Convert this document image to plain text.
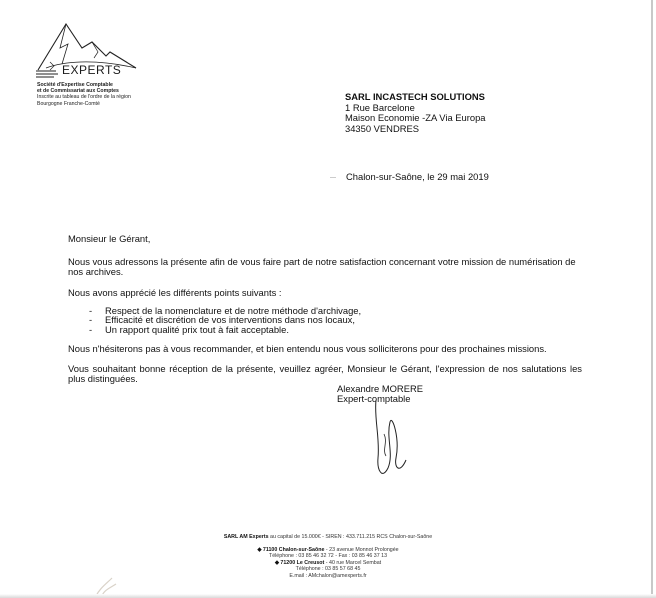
EXPERTS
Société d'Expertise Comptable
et de Commissariat aux Comptes
Inscrite au tableau de l'ordre de la région
Bourgogne Franche-Comté
SARL INCASTECH SOLUTIONS
1 Rue Barcelone
Maison Economie -ZA Via Europa
34350 VENDRES
Chalon-sur-Saône, le 29 mai 2019

Monsieur le Gérant,

Nous vous adressons la présente afin de vous faire part de notre satisfaction concernant votre mission de numérisation de nos archives.

Nous avons apprécié les différents points suivants :

- Respect de la nomenclature et de notre méthode d'archivage,
- Efficacité et discrétion de vos interventions dans nos locaux,
- Un rapport qualité prix tout à fait acceptable.

Nous n'hésiterons pas à vous recommander, et bien entendu nous vous solliciterons pour des prochaines missions.

Vous souhaitant bonne réception de la présente, veuillez agréer, Monsieur le Gérant, l'expression de nos salutations les plus distinguées.

Alexandre MORERE
Expert-comptable
SARL AM Experts au capital de 15.000€ - SIREN : 433.711.215 RCS Chalon-sur-Saône
◆ 71100 Chalon-sur-Saône - 23 avenue Monnot Prolongée
Téléphone : 03 85 46 32 72 - Fax : 03 85 46 37 13
◆ 71200 Le Creusot - 40 rue Marcel Sembat
Téléphone : 03 85 57 68 45
E.mail : AMchalon@amexperts.fr
